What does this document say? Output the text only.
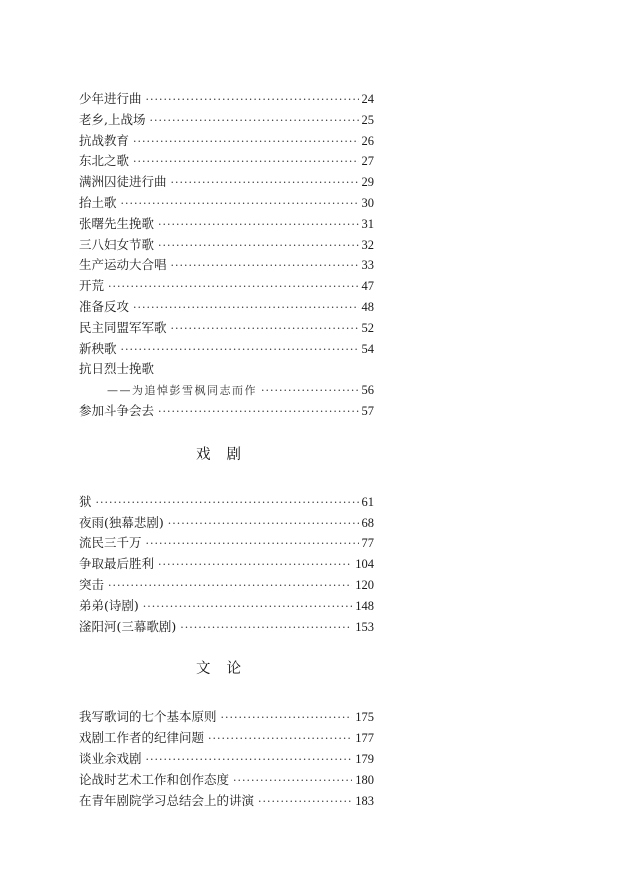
少年进行曲 ·····	24
老乡,上战场 ·····	25
抗战教育 ·····	26
东北之歌 ·····	27
满洲囚徒进行曲 ·····	29
抬土歌 ·····	30
张曙先生挽歌 ·····	31
三八妇女节歌 ·····	32
生产运动大合唱 ·····	33
开荒 ·····	47
准备反攻 ·····	48
民主同盟军军歌 ·····	52
新秧歌 ·····	54
抗日烈士挽歌
——为追悼彭雪枫同志而作 ·····	56
参加斗争会去 ·····	57
戏剧
狱 ·····	61
夜雨(独幕悲剧) ·····	68
流民三千万 ·····	77
争取最后胜利 ·····	104
突击 ·····	120
弟弟(诗剧) ·····	148
滏阳河(三幕歌剧) ·····	153
文论
我写歌词的七个基本原则 ·····	175
戏剧工作者的纪律问题 ·····	177
谈业余戏剧 ·····	179
论战时艺术工作和创作态度 ·····	180
在青年剧院学习总结会上的讲演 ·····	183
